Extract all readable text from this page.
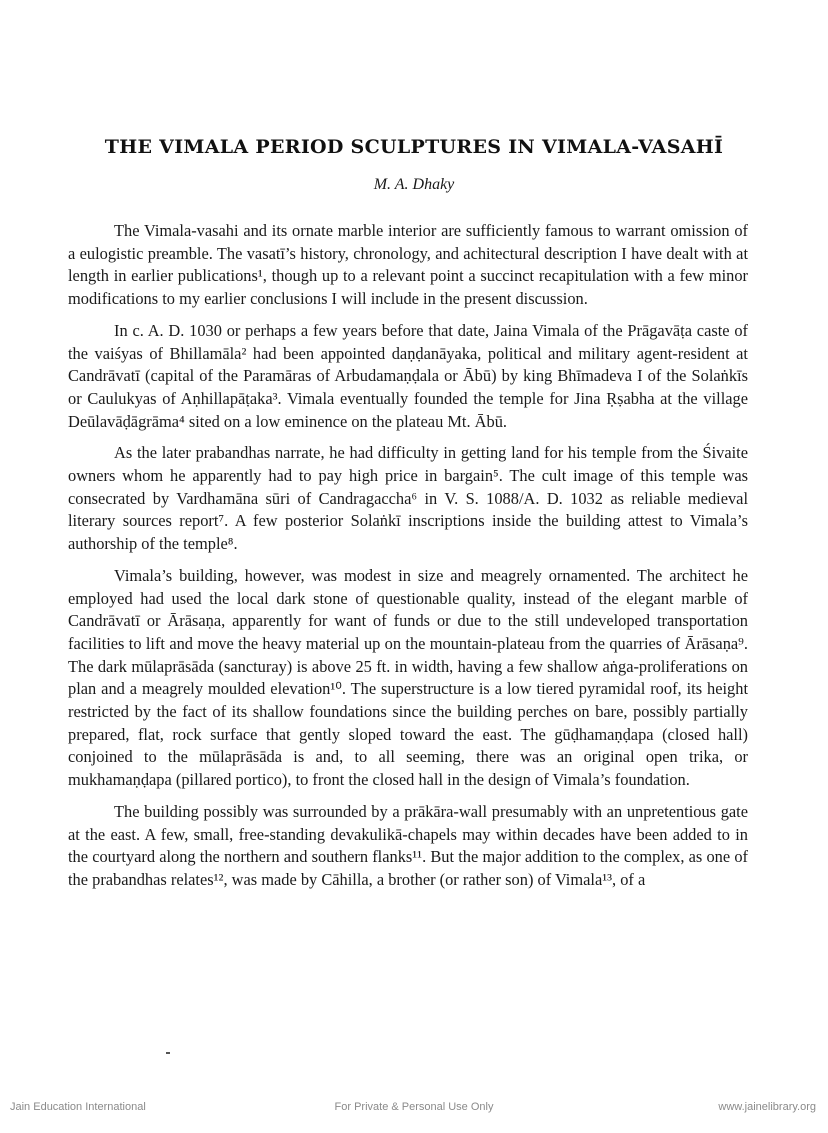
THE VIMALA PERIOD SCULPTURES IN VIMALA-VASAHĪ
M. A. Dhaky

The Vimala-vasahi and its ornate marble interior are sufficiently famous to warrant omission of a eulogistic preamble. The vasatī’s history, chronology, and achitectural description I have dealt with at length in earlier publications¹, though up to a relevant point a succinct recapitulation with a few minor modifications to my earlier conclusions I will include in the present discussion.

In c. A. D. 1030 or perhaps a few years before that date, Jaina Vimala of the Prāgavāṭa caste of the vaiśyas of Bhillamāla² had been appointed daṇḍanāyaka, political and military agent-resident at Candrāvatī (capital of the Paramāras of Arbudamaṇḍala or Ābū) by king Bhīmadeva I of the Solaṅkīs or Caulukyas of Aṇhillapāṭaka³. Vimala eventually founded the temple for Jina Ṛṣabha at the village Deūlavāḍāgrāma⁴ sited on a low eminence on the plateau Mt. Ābū.

As the later prabandhas narrate, he had difficulty in getting land for his temple from the Śivaite owners whom he apparently had to pay high price in bargain⁵. The cult image of this temple was consecrated by Vardhamāna sūri of Candragaccha⁶ in V. S. 1088/A. D. 1032 as reliable medieval literary sources report⁷. A few posterior Solaṅkī inscriptions inside the building attest to Vimala’s authorship of the temple⁸.

Vimala’s building, however, was modest in size and meagrely ornamented. The architect he employed had used the local dark stone of questionable quality, instead of the elegant marble of Candrāvatī or Ārāsaṇa, apparently for want of funds or due to the still undeveloped transportation facilities to lift and move the heavy material up on the mountain-plateau from the quarries of Ārāsaṇa⁹. The dark mūlaprāsāda (sancturay) is above 25 ft. in width, having a few shallow aṅga-proliferations on plan and a meagrely moulded elevation¹⁰. The superstructure is a low tiered pyramidal roof, its height restricted by the fact of its shallow foundations since the building perches on bare, possibly partially prepared, flat, rock surface that gently sloped toward the east. The gūḍhamaṇḍapa (closed hall) conjoined to the mūlaprāsāda is and, to all seeming, there was an original open trika, or mukhamaṇḍapa (pillared portico), to front the closed hall in the design of Vimala’s foundation.

The building possibly was surrounded by a prākāra-wall presumably with an unpretentious gate at the east. A few, small, free-standing devakulikā-chapels may within decades have been added to in the courtyard along the northern and southern flanks¹¹. But the major addition to the complex, as one of the prabandhas relates¹², was made by Cāhilla, a brother (or rather son) of Vimala¹³, of a

Jain Education International	For Private & Personal Use Only	www.jainelibrary.org
